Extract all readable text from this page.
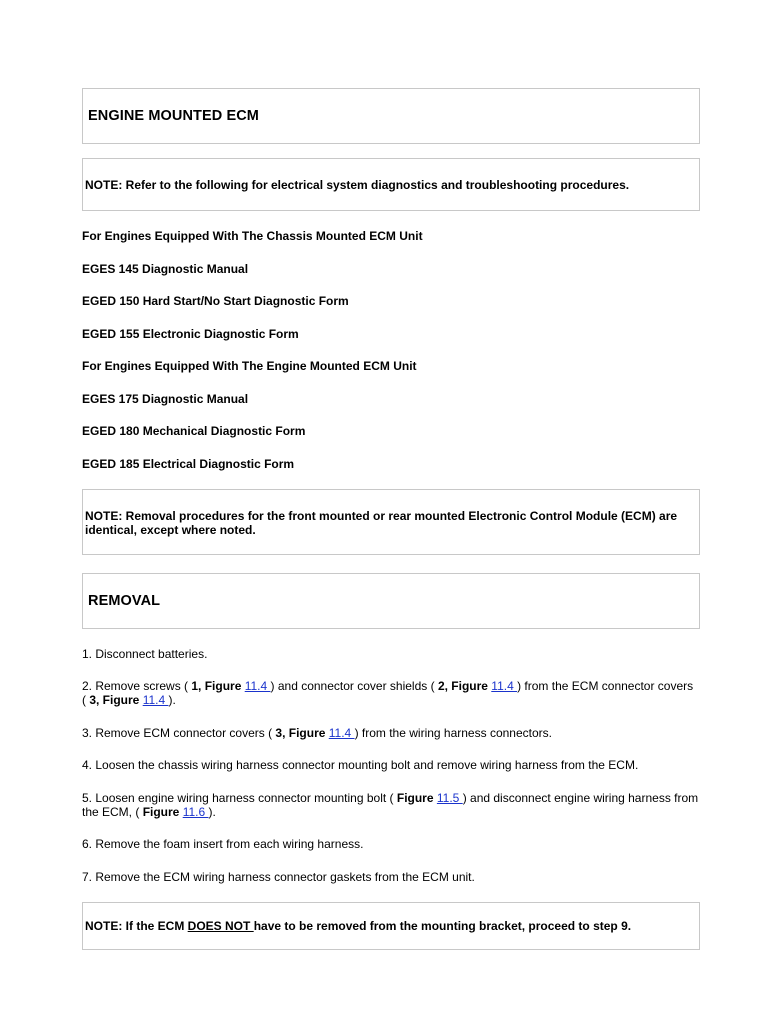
ENGINE MOUNTED ECM
NOTE: Refer to the following for electrical system diagnostics and troubleshooting procedures.
For Engines Equipped With The Chassis Mounted ECM Unit
EGES 145 Diagnostic Manual
EGED 150 Hard Start/No Start Diagnostic Form
EGED 155 Electronic Diagnostic Form
For Engines Equipped With The Engine Mounted ECM Unit
EGES 175 Diagnostic Manual
EGED 180 Mechanical Diagnostic Form
EGED 185 Electrical Diagnostic Form
NOTE: Removal procedures for the front mounted or rear mounted Electronic Control Module (ECM) are identical, except where noted.
REMOVAL
1. Disconnect batteries.
2. Remove screws ( 1, Figure 11.4 ) and connector cover shields ( 2, Figure 11.4 ) from the ECM connector covers ( 3, Figure 11.4 ).
3. Remove ECM connector covers ( 3, Figure 11.4 ) from the wiring harness connectors.
4. Loosen the chassis wiring harness connector mounting bolt and remove wiring harness from the ECM.
5. Loosen engine wiring harness connector mounting bolt ( Figure 11.5 ) and disconnect engine wiring harness from the ECM, ( Figure 11.6 ).
6. Remove the foam insert from each wiring harness.
7. Remove the ECM wiring harness connector gaskets from the ECM unit.
NOTE: If the ECM DOES NOT have to be removed from the mounting bracket, proceed to step 9.
